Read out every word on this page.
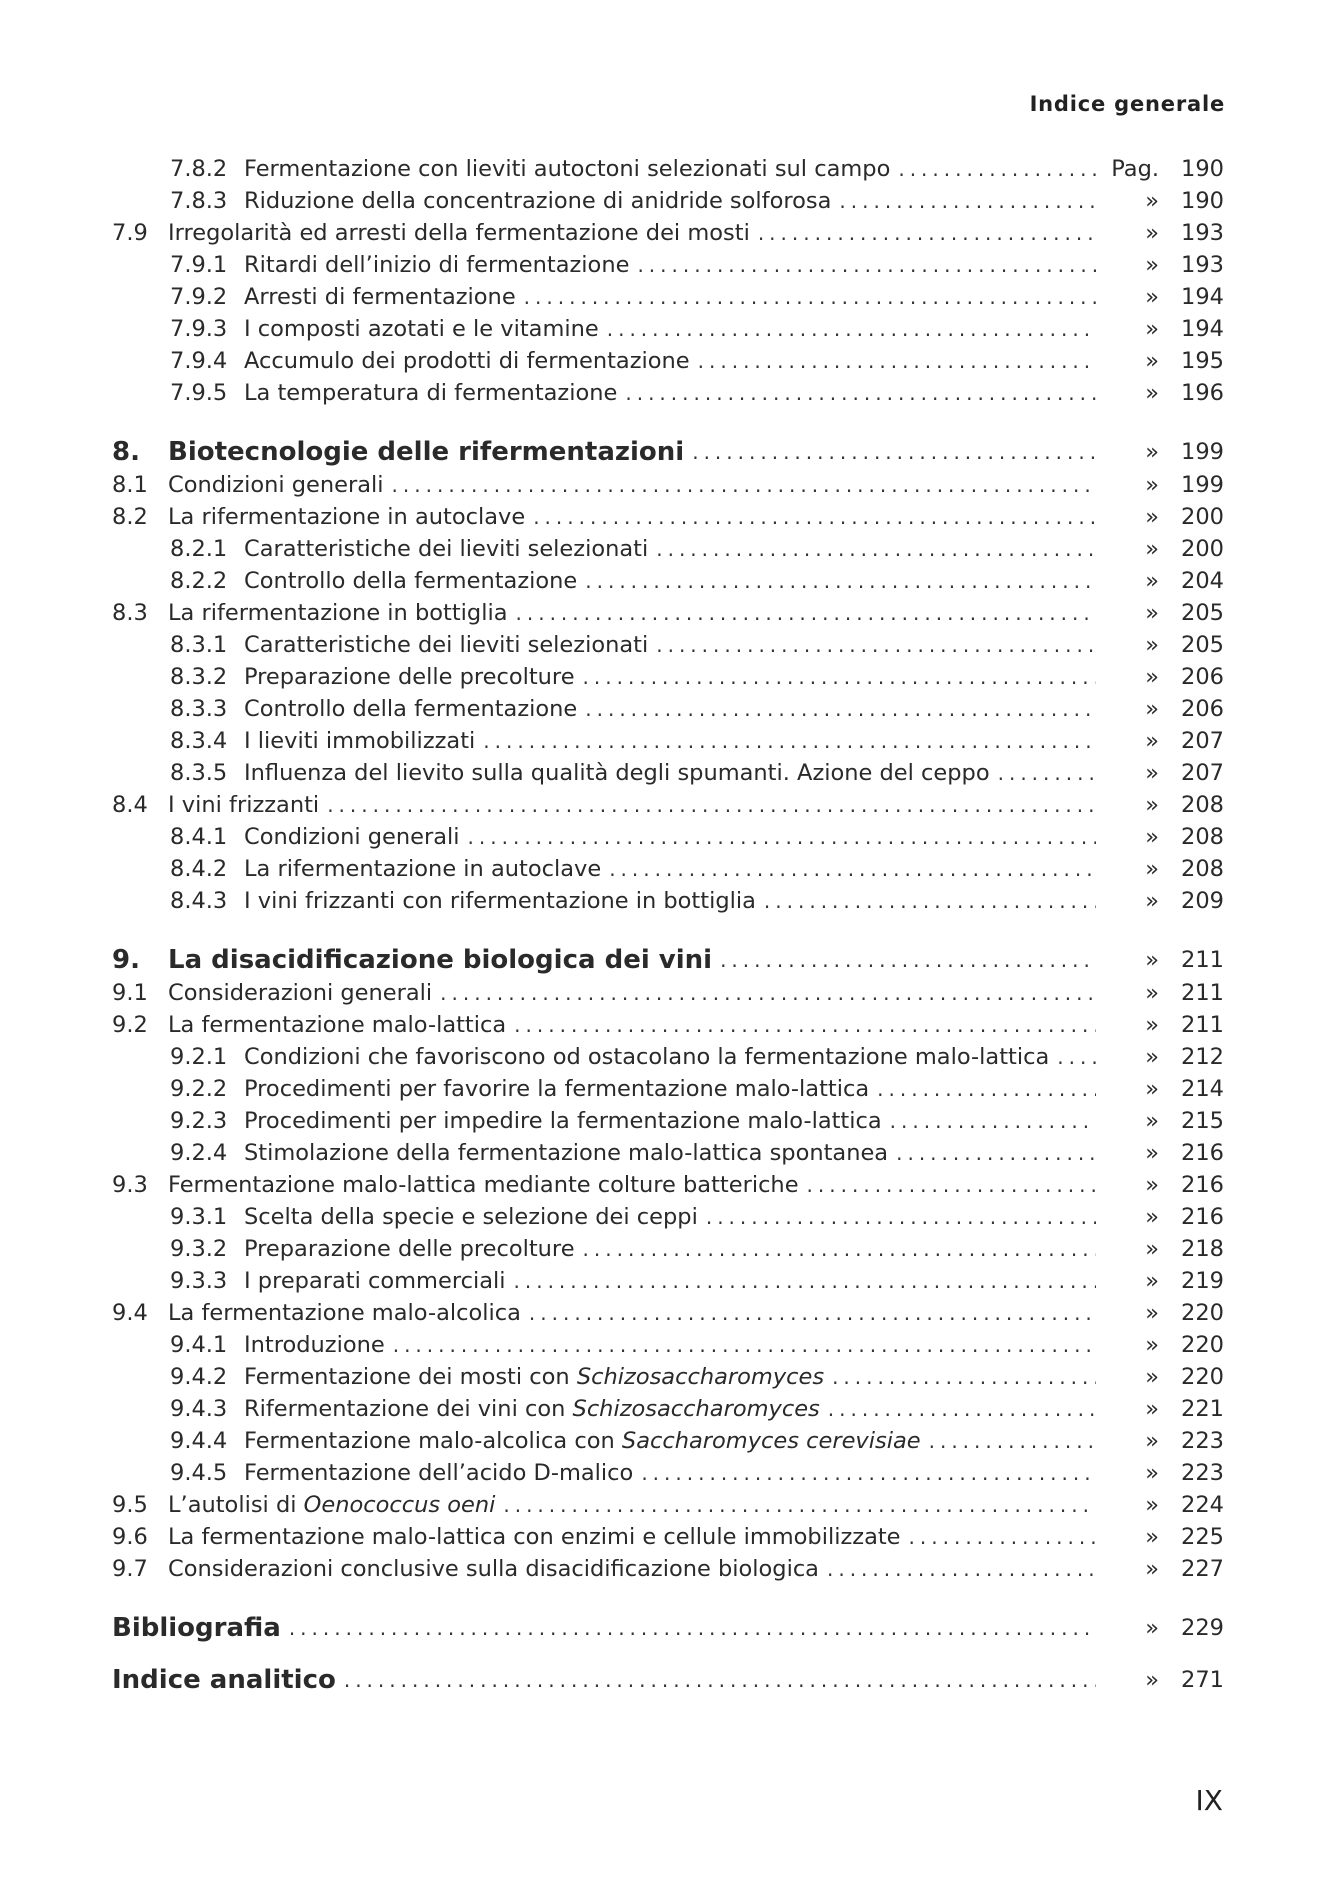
Indice generale
7.8.2 Fermentazione con lieviti autoctoni selezionati sul campo .....	Pag. 190
7.8.3 Riduzione della concentrazione di anidride solforosa .....	» 190
7.9 Irregolarità ed arresti della fermentazione dei mosti .....	» 193
7.9.1 Ritardi dell’inizio di fermentazione .....	» 193
7.9.2 Arresti di fermentazione .....	» 194
7.9.3 I composti azotati e le vitamine .....	» 194
7.9.4 Accumulo dei prodotti di fermentazione .....	» 195
7.9.5 La temperatura di fermentazione .....	» 196
8. Biotecnologie delle rifermentazioni .....	» 199
8.1 Condizioni generali .....	» 199
8.2 La rifermentazione in autoclave .....	» 200
8.2.1 Caratteristiche dei lieviti selezionati .....	» 200
8.2.2 Controllo della fermentazione .....	» 204
8.3 La rifermentazione in bottiglia .....	» 205
8.3.1 Caratteristiche dei lieviti selezionati .....	» 205
8.3.2 Preparazione delle precolture .....	» 206
8.3.3 Controllo della fermentazione .....	» 206
8.3.4 I lieviti immobilizzati .....	» 207
8.3.5 Influenza del lievito sulla qualità degli spumanti. Azione del ceppo .....	» 207
8.4 I vini frizzanti .....	» 208
8.4.1 Condizioni generali .....	» 208
8.4.2 La rifermentazione in autoclave .....	» 208
8.4.3 I vini frizzanti con rifermentazione in bottiglia .....	» 209
9. La disacidificazione biologica dei vini .....	» 211
9.1 Considerazioni generali .....	» 211
9.2 La fermentazione malo-lattica .....	» 211
9.2.1 Condizioni che favoriscono od ostacolano la fermentazione malo-lattica .....	» 212
9.2.2 Procedimenti per favorire la fermentazione malo-lattica .....	» 214
9.2.3 Procedimenti per impedire la fermentazione malo-lattica .....	» 215
9.2.4 Stimolazione della fermentazione malo-lattica spontanea .....	» 216
9.3 Fermentazione malo-lattica mediante colture batteriche .....	» 216
9.3.1 Scelta della specie e selezione dei ceppi .....	» 216
9.3.2 Preparazione delle precolture .....	» 218
9.3.3 I preparati commerciali .....	» 219
9.4 La fermentazione malo-alcolica .....	» 220
9.4.1 Introduzione .....	» 220
9.4.2 Fermentazione dei mosti con Schizosaccharomyces .....	» 220
9.4.3 Rifermentazione dei vini con Schizosaccharomyces .....	» 221
9.4.4 Fermentazione malo-alcolica con Saccharomyces cerevisiae .....	» 223
9.4.5 Fermentazione dell’acido D-malico .....	» 223
9.5 L’autolisi di Oenococcus oeni .....	» 224
9.6 La fermentazione malo-lattica con enzimi e cellule immobilizzate .....	» 225
9.7 Considerazioni conclusive sulla disacidificazione biologica .....	» 227
Bibliografia .....	» 229
Indice analitico .....	» 271
IX
